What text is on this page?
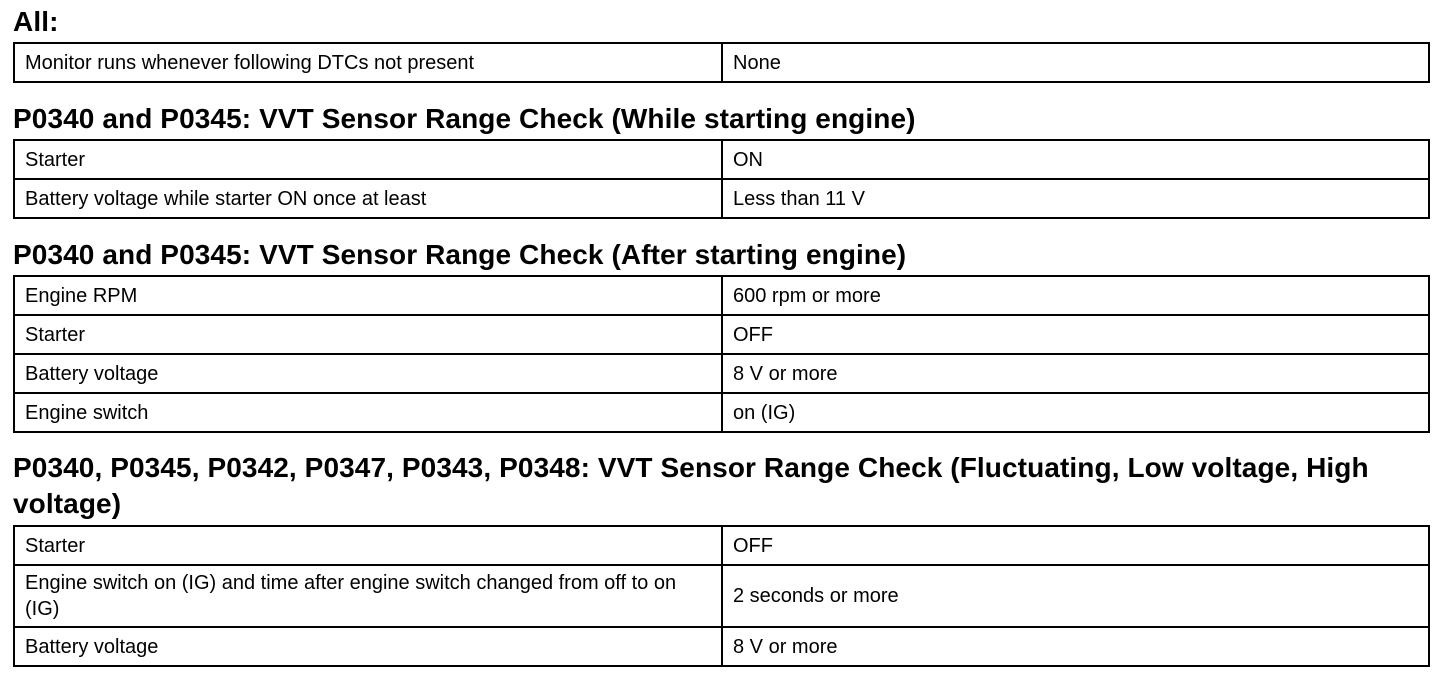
All:
Monitor runs whenever following DTCs not present	None
P0340 and P0345: VVT Sensor Range Check (While starting engine)
Starter	ON
Battery voltage while starter ON once at least	Less than 11 V
P0340 and P0345: VVT Sensor Range Check (After starting engine)
Engine RPM	600 rpm or more
Starter	OFF
Battery voltage	8 V or more
Engine switch	on (IG)
P0340, P0345, P0342, P0347, P0343, P0348: VVT Sensor Range Check (Fluctuating, Low voltage, High voltage)
Starter	OFF
Engine switch on (IG) and time after engine switch changed from off to on (IG)	2 seconds or more
Battery voltage	8 V or more
